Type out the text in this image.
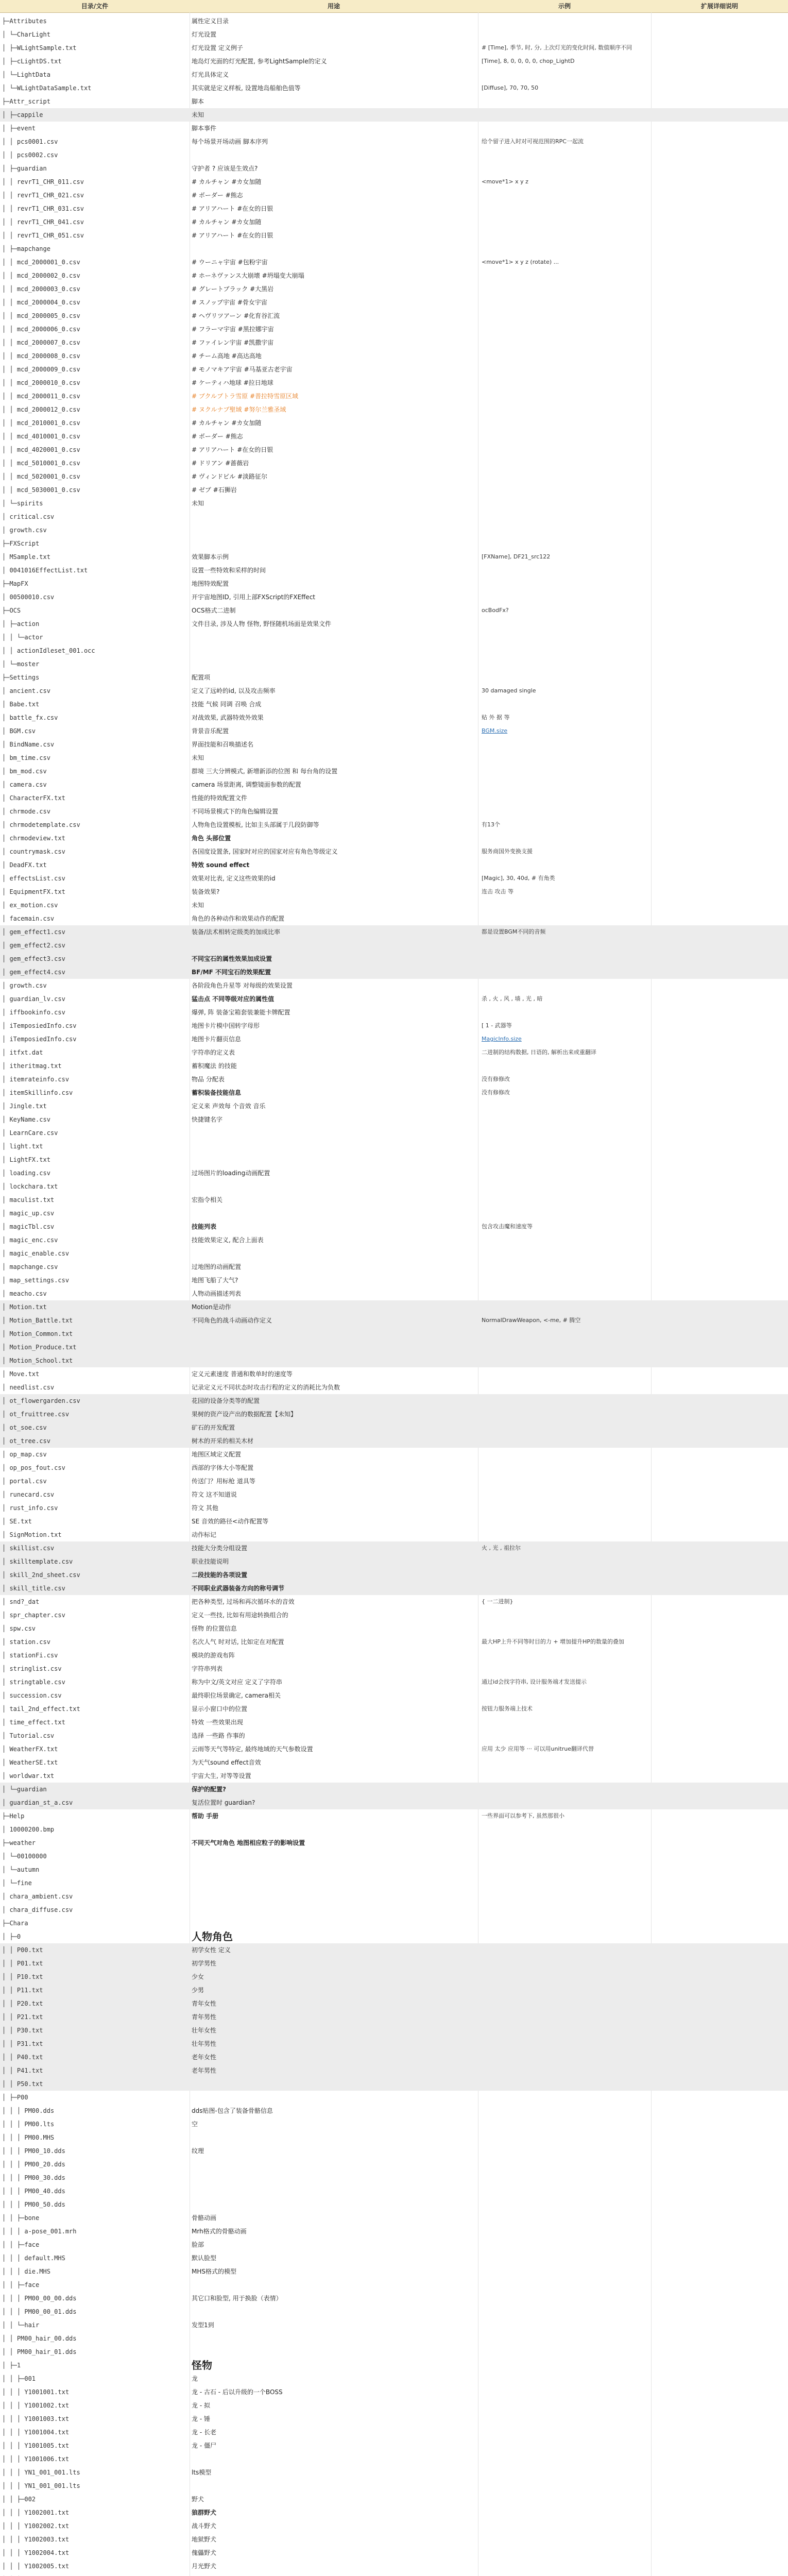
目录/文件	用途	示例	扩展详细说明
├─Attributes	属性定义目录
│ └─CharLight	灯光设置
│ ├─WLightSample.txt	灯光设置 定义例子	# [Time], 季节, 时, 分, 上次灯光的变化时间, 数值顺序不同
│ ├─cLightDS.txt	地岛灯光面的灯光配置, 参考LightSample的定义	[Time], 8, 0, 0, 0, 0, chop_LightD
│ └─LightData	灯光具体定义
│ └─WLightDataSample.txt	其实就是定义样板, 设置地岛船舶色值等	[Diffuse], 70, 70, 50
├─Attr_script	脚本
│ ├─cappile	未知
│ ├─event	脚本事件
│ │ pcs0001.csv	每个场景开场动画 脚本序列	给个留子进入时对可视范围的RPC一起流
│ │ pcs0002.csv
│ ├─guardian	守护者 ? 应该是生效点?
│ │ revrT1_CHR_011.csv	# カルチャン #カ女加随	<move*1> x y z
│ │ revrT1_CHR_021.csv	# ボーダー #熊志
│ │ revrT1_CHR_031.csv	# アリアハート #在女的日银
│ │ revrT1_CHR_041.csv	# カルチャン #カ女加随
│ │ revrT1_CHR_051.csv	# アリアハート #在女的日银
│ ├─mapchange
│ │ mcd_2000001_0.csv	# ウーニャ宇宙 #包粉宇宙	<move*1> x y z (rotate) ...
│ │ mcd_2000002_0.csv	# ホーネヴァンス大崩壊 #坍塌变大崩塌
│ │ mcd_2000003_0.csv	# グレートブラック #大黑岩
│ │ mcd_2000004_0.csv	# スノップ宇宙 #骨女宇宙
│ │ mcd_2000005_0.csv	# ヘヴリツアーン #化育谷汇流
│ │ mcd_2000006_0.csv	# フラーマ宇宙 #黑拉娜宇宙
│ │ mcd_2000007_0.csv	# ファイレン宇宙 #凯撒宇宙
│ │ mcd_2000008_0.csv	# チーム高地 #高达高地
│ │ mcd_2000009_0.csv	# モノマキア宇宙 #马基亚古老宇宙
│ │ mcd_2000010_0.csv	# ケーティハ地球 #拉日地球
│ │ mcd_2000011_0.csv	# ブクルプトラ雪原 #普拉特雪原区域
│ │ mcd_2000012_0.csv	# ヌクルナブ聖域 #努尔兰雅圣域
│ │ mcd_2010001_0.csv	# カルチャン #カ女加随
│ │ mcd_4010001_0.csv	# ボーダー #熊志
│ │ mcd_4020001_0.csv	# アリアハート #在女的日银
│ │ mcd_5010001_0.csv	# ドリアン #蔷薇岩
│ │ mcd_5020001_0.csv	# ヴィンドビル #淡路征尔
│ │ mcd_5030001_0.csv	# ゼブ #石狮岩
│ └─spirits	未知
│ critical.csv
│ growth.csv
├─FXScript
│ MSample.txt	效果脚本示例	[FXName], DF21_src122
│ 0041016EffectList.txt	设置一些特效和采样的时间
├─MapFX	地图特效配置
│ 00500010.csv	开宇宙地图ID, 引用上部FXScript的FXEffect
├─OCS	OCS格式二进制	ocBodFx?
│ ├─action	文件目录, 涉及人物 怪物, 野怪随机场面是效果文件
│ │ └─actor
│ │ actionIdleset_001.occ
│ └─moster
├─Settings	配置项
│ ancient.csv	定义了远岭的id, 以及攻击频率	30 damaged single
│ Babe.txt	技能 气候 同调 召唤 合成
│ battle_fx.csv	对战效果, 武器特效外效果	贴 外 据 等
│ BGM.csv	背景音乐配置	BGM.size
│ BindName.csv	界面技能和召唤描述名
│ bm_time.csv	未知
│ bm_mod.csv	群境 三大分辨模式, 新增新添的位图 和 每台角的设置
│ camera.csv	camera 场景距离, 调整镜面参数的配置
│ CharacterFX.txt	性能的特效配置文件
│ chrmode.csv	不同场景模式下的角色编辑设置
│ chrmodetemplate.csv	人物角色设置模板, 比如主头部属于几段防御等	有13个
│ chrmodeview.txt	角色 头部位置
│ countrymask.csv	各国度设置条, 国家时对应的国家对应有角色等级定义	服务商国外变换支援
│ DeadFX.txt	特效 sound effect
│ effectsList.csv	效果对比表, 定义这些效果的id	[Magic], 30, 40d, # 有角类
│ EquipmentFX.txt	装备效果?	连击 攻击 等
│ ex_motion.csv	未知
│ facemain.csv	角色的各种动作和效果动作的配置
│ gem_effect1.csv	装备/法术相转定级类的加成比率	都是设置BGM不同的音频
│ gem_effect2.csv
│ gem_effect3.csv	不同宝石的属性效果加成设置
│ gem_effect4.csv	BF/MF 不同宝石的效果配置
│ growth.csv	各阶段角色升星等 对每级的效果设置
│ guardian_lv.csv	猛击点 不同等级对应的属性值	杀 , 火 , 风 , 墙 , 光 , 暗
│ iffbookinfo.csv	爆弹, 阵 装备宝箱套装兼能卡牌配置
│ iTemposiedInfo.csv	地图卡片模中国转字母形	[ 1 - 武器等
│ iTemposiedInfo.csv	地图卡片翻页信息	MagicInfo.size
│ itfxt.dat	字符串的定义表	二进制的结构数据, 日语的, 解析出来或重翻译
│ itheritmag.txt	蓄积魔法 的技能
│ itemrateinfo.csv	物品 分配表	没有修修改
│ itemSkillinfo.csv	蓄积装备技能信息	没有修修改
│ Jingle.txt	定义来 声效每 个音效 音乐
│ KeyName.csv	快捷键名字
│ LearnCare.csv
│ light.txt
│ LightFX.txt
│ loading.csv	过场图片的loading动画配置
│ lockchara.txt
│ maculist.txt	宏指令相关
│ magic_up.csv
│ magicTbl.csv	技能列表	包含攻击魔和速度等
│ magic_enc.csv	技能效果定义, 配合上面表
│ magic_enable.csv
│ mapchange.csv	过地图的动画配置
│ map_settings.csv	地图飞船了大气?
│ meacho.csv	人物动画描述列表
│ Motion.txt	Motion是动作
│ Motion_Battle.txt	不同角色的战斗动画动作定义	NormalDrawWeapon, <-me, # 腾空
│ Motion_Common.txt
│ Motion_Produce.txt
│ Motion_School.txt
│ Move.txt	定义元素速度 普通和数单时的速度等
│ needlist.csv	记录定义元不同状态时攻击行程的定义的消耗比为负数
│ ot_flowergarden.csv	花园的设备分类等的配置
│ ot_fruittree.csv	果树的资产设产出的数据配置【未知】
│ ot_soe.csv	矿石的开发配置
│ ot_tree.csv	树木的开采的相关木材
│ op_map.csv	地图区域定义配置
│ op_pos_fout.csv	西部的字体大小等配置
│ portal.csv	传送门？用标枪 道具等
│ runecard.csv	符文 这不知道说
│ rust_info.csv	符文 其他
│ SE.txt	SE 音效的路径<动作配置等
│ SignMotion.txt	动作标记
│ skillist.csv	技能大分类分组设置	火 , 光 , 祖拉尔
│ skilltemplate.csv	职业技能说明
│ skill_2nd_sheet.csv	二段技能的各项设置
│ skill_title.csv	不同职业武器装备方向的称号调节
│ snd?_dat	把各种类型, 过场和再次循环水的音效	{ 一二进制}
│ spr_chapter.csv	定义一些技, 比如有用途转换组合的
│ spw.csv	怪物 的位置信息
│ station.csv	名次人气 时对话, 比如定在对配置	最大HP上升不同等时目的力 + 增加提升HP的数量的叠加
│ stationFi.csv	模块的游戏布阵
│ stringlist.csv	字符串列表
│ stringtable.csv	称为中文/英文对应 定义了字符串	通过id会找字符串, 设计服务端才发送提示
│ succession.csv	最终职位场景确定, camera相关
│ tail_2nd_effect.txt	显示小窗口中的位置	按钮力服务端上技术
│ time_effect.txt	特效 一些效果出现
│ Tutorial.csv	选择 一些路 作事的
│ WeatherFX.txt	云雨等天气等特定, 最终地域的天气参数设置	应用 太少 应用等 ··· 可以用unitrue翻译代替
│ WeatherSE.txt	为天气sound effect音效
│ worldwar.txt	宇宙大生, 对等等设置
│ └─guardian	保护的配置?
│ guardian_st_a.csv	复活位置时 guardian?
├─Help	帮助 手册	一些界面可以参考下, 虽然那很小
│ 10000200.bmp
├─weather	不同天气对角色 地图相应粒子的影响设置
│ └─00100000
│ └─autumn
│ └─fine
│ chara_ambient.csv
│ chara_diffuse.csv
├─Chara
│ ├─0	人物角色
│ │ P00.txt	初学女性 定义
│ │ P01.txt	初学男性
│ │ P10.txt	少女
│ │ P11.txt	少男
│ │ P20.txt	青年女性
│ │ P21.txt	青年男性
│ │ P30.txt	壮年女性
│ │ P31.txt	壮年男性
│ │ P40.txt	老年女性
│ │ P41.txt	老年男性
│ │ P50.txt
│ ├─P00
│ │ │ PM00.dds	dds贴图-包含了装备骨骼信息
│ │ │ PM00.lts	空
│ │ │ PM00.MHS
│ │ │ PM00_10.dds	纹理
│ │ │ PM00_20.dds
│ │ │ PM00_30.dds
│ │ │ PM00_40.dds
│ │ │ PM00_50.dds
│ │ ├─bone	骨骼动画
│ │ │ a-pose_001.mrh	Mrh格式的骨骼动画
│ │ ├─face	脸部
│ │ │ default.MHS	默认脸型
│ │ │ die.MHS	MHS格式的模型
│ │ ├─face
│ │ │ PM00_00_00.dds	其它口和脸型, 用于换脸（表情）
│ │ │ PM00_00_01.dds
│ │ └─hair	发型1到
│ │ PM00_hair_00.dds
│ │ PM00_hair_01.dds
│ ├─1	怪物
│ │ ├─001	龙
│ │ │ Y1001001.txt	龙 - 古石 - 后以升级的一个BOSS
│ │ │ Y1001002.txt	龙 - 拟
│ │ │ Y1001003.txt	龙 - 锤
│ │ │ Y1001004.txt	龙 - 长老
│ │ │ Y1001005.txt	龙 - 僵尸
│ │ │ Y1001006.txt
│ │ │ YN1_001_001.lts	lts模型
│ │ │ YN1_001_001.lts
│ │ ├─002	野犬
│ │ │ Y1002001.txt	狼群野犬
│ │ │ Y1002002.txt	战斗野犬
│ │ │ Y1002003.txt	地狱野犬
│ │ │ Y1002004.txt	傀儡野犬
│ │ │ Y1002005.txt	月光野犬
